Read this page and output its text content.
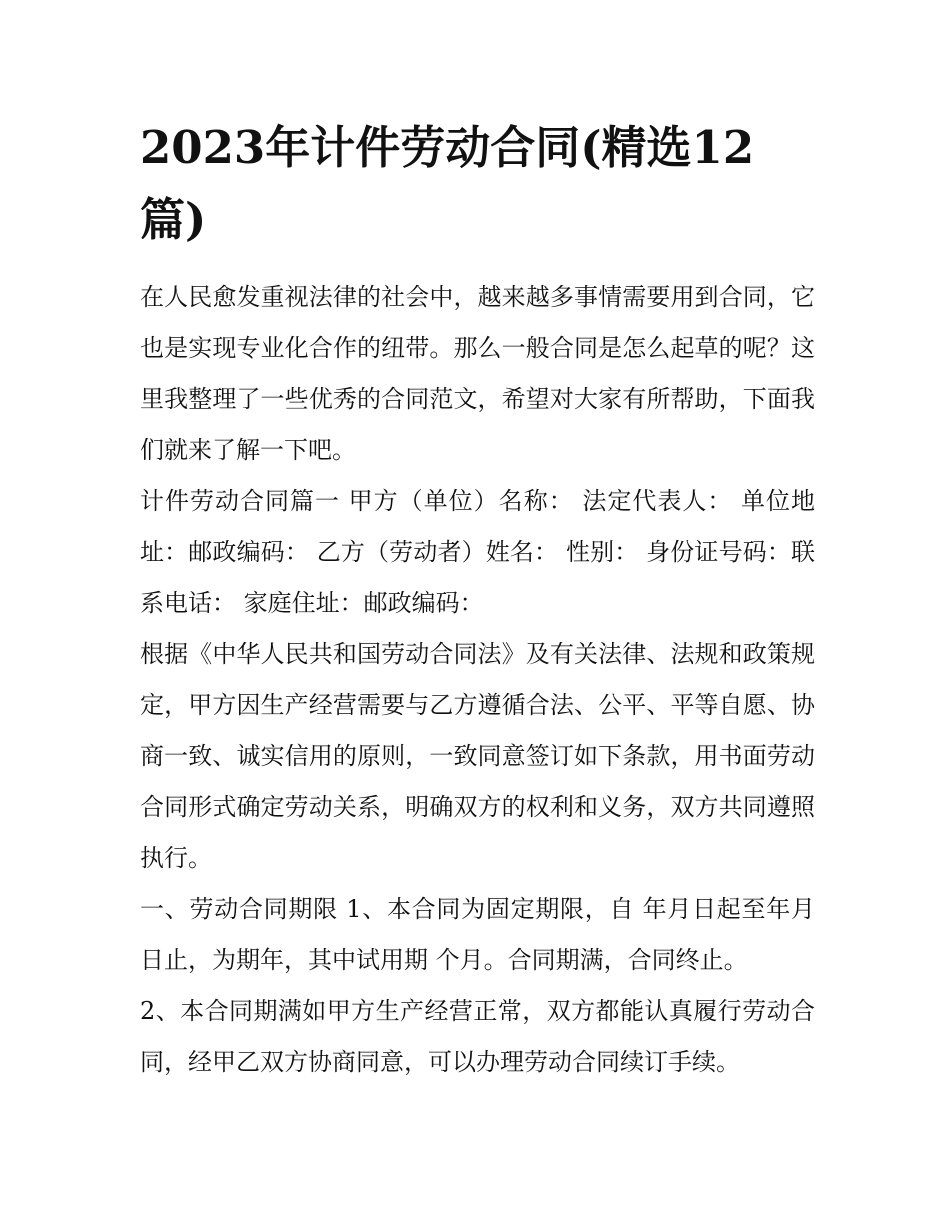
2023年计件劳动合同(精选12篇)

在人民愈发重视法律的社会中，越来越多事情需要用到合同，它也是实现专业化合作的纽带。那么一般合同是怎么起草的呢？这里我整理了一些优秀的合同范文，希望对大家有所帮助，下面我们就来了解一下吧。

计件劳动合同篇一 甲方（单位）名称： 法定代表人： 单位地址：邮政编码： 乙方（劳动者）姓名： 性别： 身份证号码：联系电话： 家庭住址：邮政编码：

根据《中华人民共和国劳动合同法》及有关法律、法规和政策规定，甲方因生产经营需要与乙方遵循合法、公平、平等自愿、协商一致、诚实信用的原则，一致同意签订如下条款，用书面劳动合同形式确定劳动关系，明确双方的权利和义务，双方共同遵照执行。

一、劳动合同期限 1、本合同为固定期限，自 年月日起至年月日止，为期年，其中试用期 个月。合同期满，合同终止。

2、本合同期满如甲方生产经营正常，双方都能认真履行劳动合同，经甲乙双方协商同意，可以办理劳动合同续订手续。
